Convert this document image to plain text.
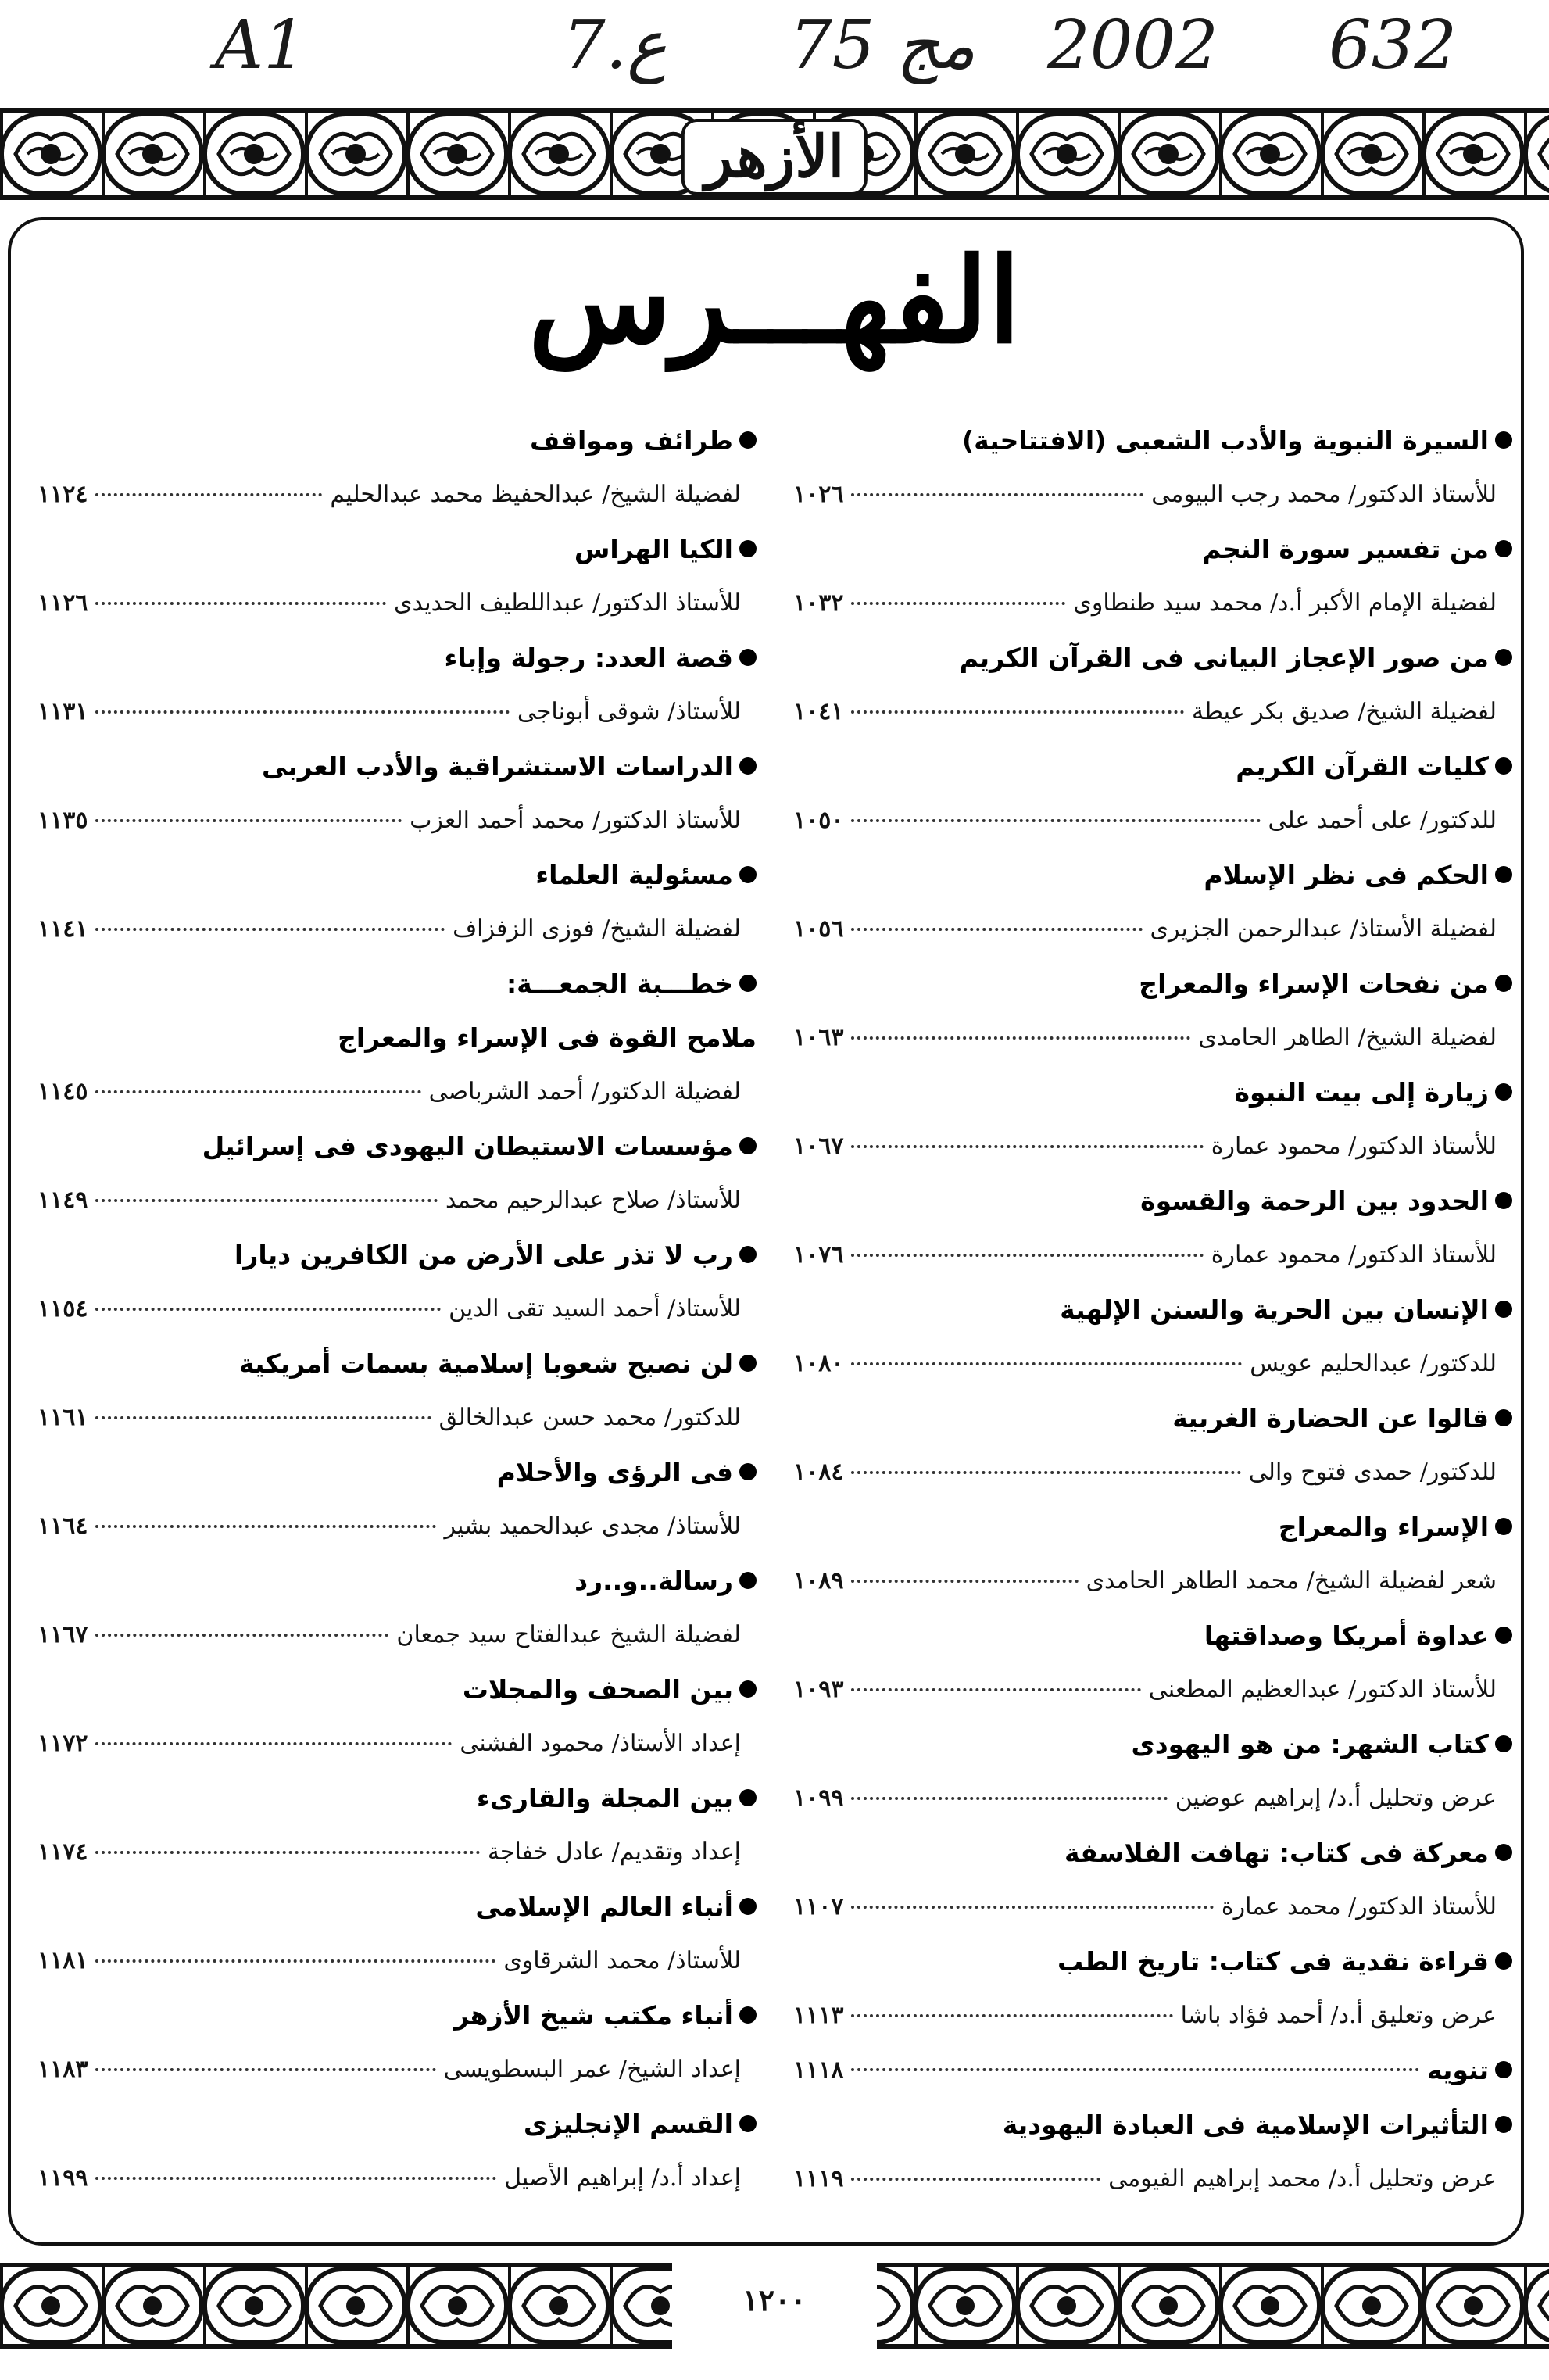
A1	7.ع 75 مج 2002 632
الأزهر
الفهـــرس
السيرة النبوية والأدب الشعبى (الافتتاحية)
للأستاذ الدكتور/ محمد رجب البيومى
١٠٢٦
من تفسير سورة النجم
لفضيلة الإمام الأكبر أ.د/ محمد سيد طنطاوى
١٠٣٢
من صور الإعجاز البيانى فى القرآن الكريم
لفضيلة الشيخ/ صديق بكر عيطة
١٠٤١
كليات القرآن الكريم
للدكتور/ على أحمد على
١٠٥٠
الحكم فى نظر الإسلام
لفضيلة الأستاذ/ عبدالرحمن الجزيرى
١٠٥٦
من نفحات الإسراء والمعراج
لفضيلة الشيخ/ الطاهر الحامدى
١٠٦٣
زيارة إلى بيت النبوة
للأستاذ الدكتور/ محمود عمارة
١٠٦٧
الحدود بين الرحمة والقسوة
للأستاذ الدكتور/ محمود عمارة
١٠٧٦
الإنسان بين الحرية والسنن الإلهية
للدكتور/ عبدالحليم عويس
١٠٨٠
قالوا عن الحضارة الغربية
للدكتور/ حمدى فتوح والى
١٠٨٤
الإسراء والمعراج
شعر لفضيلة الشيخ/ محمد الطاهر الحامدى
١٠٨٩
عداوة أمريكا وصداقتها
للأستاذ الدكتور/ عبدالعظيم المطعنى
١٠٩٣
كتاب الشهر: من هو اليهودى
عرض وتحليل أ.د/ إبراهيم عوضين
١٠٩٩
معركة فى كتاب: تهافت الفلاسفة
للأستاذ الدكتور/ محمد عمارة
١١٠٧
قراءة نقدية فى كتاب: تاريخ الطب
عرض وتعليق أ.د/ أحمد فؤاد باشا
١١١٣
تنويه
١١١٨
التأثيرات الإسلامية فى العبادة اليهودية
عرض وتحليل أ.د/ محمد إبراهيم الفيومى
١١١٩
طرائف ومواقف
لفضيلة الشيخ/ عبدالحفيظ محمد عبدالحليم
١١٢٤
الكيا الهراس
للأستاذ الدكتور/ عبداللطيف الحديدى
١١٢٦
قصة العدد: رجولة وإباء
للأستاذ/ شوقى أبوناجى
١١٣١
الدراسات الاستشراقية والأدب العربى
للأستاذ الدكتور/ محمد أحمد العزب
١١٣٥
مسئولية العلماء
لفضيلة الشيخ/ فوزى الزفزاف
١١٤١
خطـــبة الجمعـــة:
ملامح القوة فى الإسراء والمعراج
لفضيلة الدكتور/ أحمد الشرباصى
١١٤٥
مؤسسات الاستيطان اليهودى فى إسرائيل
للأستاذ/ صلاح عبدالرحيم محمد
١١٤٩
رب لا تذر على الأرض من الكافرين ديارا
للأستاذ/ أحمد السيد تقى الدين
١١٥٤
لن نصبح شعوبا إسلامية بسمات أمريكية
للدكتور/ محمد حسن عبدالخالق
١١٦١
فى الرؤى والأحلام
للأستاذ/ مجدى عبدالحميد بشير
١١٦٤
رسالة..و..رد
لفضيلة الشيخ عبدالفتاح سيد جمعان
١١٦٧
بين الصحف والمجلات
إعداد الأستاذ/ محمود الفشنى
١١٧٢
بين المجلة والقارىء
إعداد وتقديم/ عادل خفاجة
١١٧٤
أنباء العالم الإسلامى
للأستاذ/ محمد الشرقاوى
١١٨١
أنباء مكتب شيخ الأزهر
إعداد الشيخ/ عمر البسطويسى
١١٨٣
القسم الإنجليزى
إعداد أ.د/ إبراهيم الأصيل
١١٩٩
١٢٠٠
